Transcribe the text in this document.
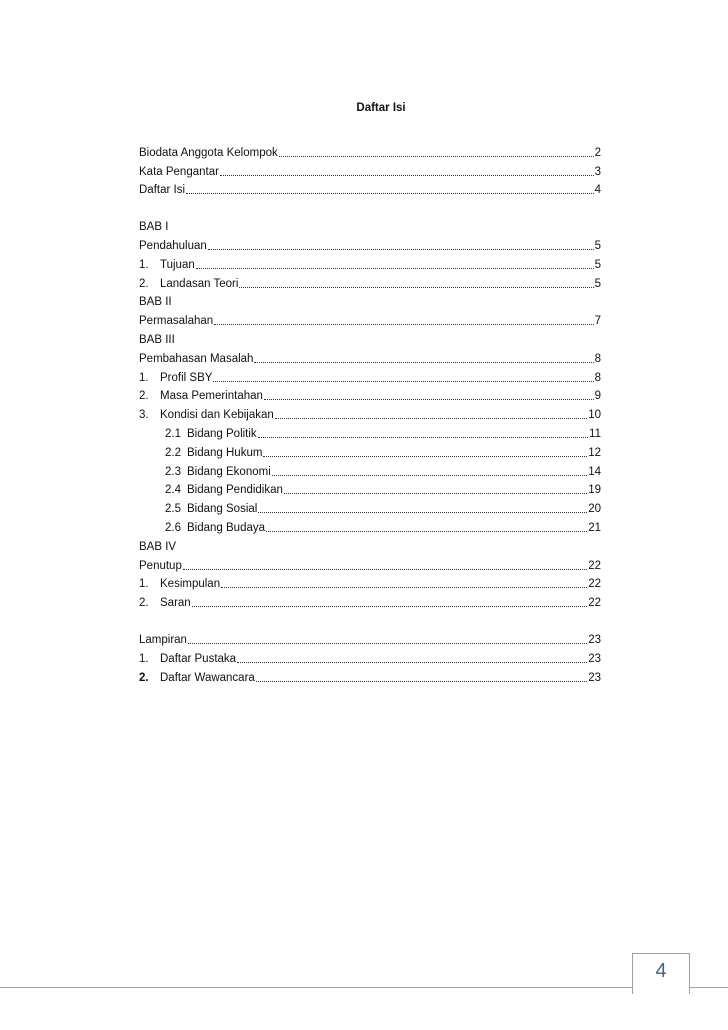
Daftar Isi
Biodata Anggota Kelompok	2
Kata Pengantar	3
Daftar Isi	4
BAB I
Pendahuluan	5
1. Tujuan	5
2. Landasan Teori	5
BAB II
Permasalahan	7
BAB III
Pembahasan Masalah	8
1. Profil SBY	8
2. Masa Pemerintahan	9
3. Kondisi dan Kebijakan	10
2.1 Bidang Politik	11
2.2 Bidang Hukum	12
2.3 Bidang Ekonomi	14
2.4 Bidang Pendidikan	19
2.5 Bidang Sosial	20
2.6 Bidang Budaya	21
BAB IV
Penutup	22
1. Kesimpulan	22
2. Saran	22
Lampiran	23
1. Daftar Pustaka	23
2. Daftar Wawancara	23
4
